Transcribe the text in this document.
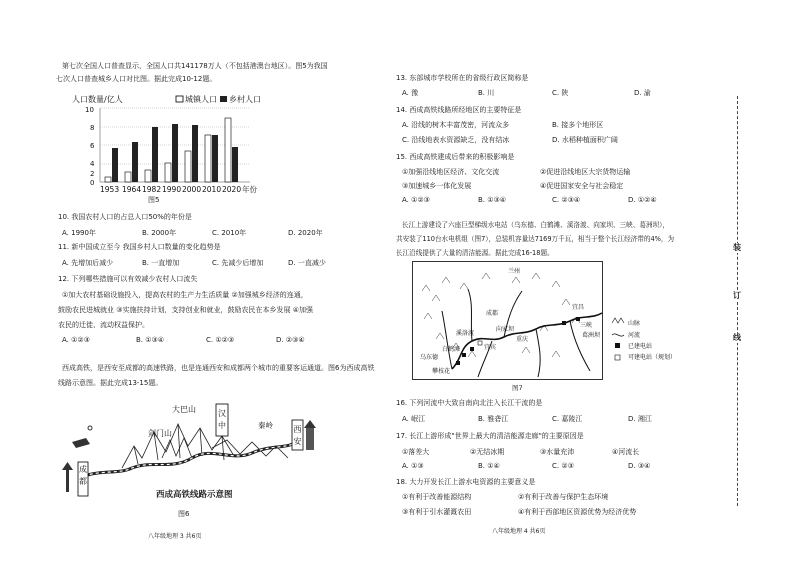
第七次全国人口普查显示，全国人口共141178万人（不包括港澳台地区）。图5为我国
七次人口普查城乡人口对比图。据此完成10-12题。
人口数量/亿人	城镇人口 乡村人口
0
2
4
6
8
10
1953 1964 1982 1990 2000 2010 2020 年份
图5
10. 我国农村人口的占总人口50%的年份是
A. 1990年	B. 2000年	C. 2010年	D. 2020年
11. 新中国成立至今 我国乡村人口数量的变化趋势是
A. 先增加后减少	B. 一直增加	C. 先减少后增加	D. 一直减少
12. 下列哪些措施可以有效减少农村人口流失
①加大农村基础设施投入，提高农村的生产力生活质量 ②加强城乡经济的连通，
鼓励农民进城就业 ③实施扶持计划，支持创业和就业，鼓励农民在本乡发展 ④加强
农民的迁徙、流动权益保护。
A. ①②③	B. ①③④	C. ①②③	D. ②③④
西成高铁，是西安至成都的高速铁路，也是连通西安和成都两个城市的重要客运通道。图6为西成高铁
线路示意图。据此完成13-15题。
成
都
汉
中	西
安
大巴山
剑门山
秦岭
西成高铁线路示意图
图6
八年级地理 3 共6页
13. 东部城市学校所在的省级行政区简称是
A. 豫	B. 川	C. 陕	D. 渝
14. 西成高铁线路所经地区的主要特征是
A. 沿线的树木丰富茂密，河流众多	B. 接多个地形区
C. 沿线地表水资源缺乏，没有结冰	D. 水稻种植面积广阔
15. 西成高铁建成后带来的积极影响是
①加强沿线地区经济、文化交流	②促进沿线地区大宗货物运输
③加速城乡一体化发展	④促进国家安全与社会稳定
A. ①②③	B. ①③④	C. ②③④	D. ①②④
长江上游建设了六座巨型梯级水电站（乌东德、白鹤滩、溪洛渡、向家坝、三峡、葛洲坝），
共安装了110台水电机组（图7），总装机容量达7169万千瓦，相当于整个长江经济带的4%，为
长江沿线提供了大量的清洁能源。据此完成16-18题。
兰州
成都
宜宾
重庆
宜昌
三峡
葛洲坝
攀枝花
乌东德
白鹤滩
溪洛渡
向家坝
山脉
河流
已建电站
可建电站（规划）
图7
16. 下列河流中大致自南向北注入长江干流的是
A. 岷江	B. 雅砻江	C. 嘉陵江	D. 湘江
17. 长江上游形成"世界上最大的清洁能源走廊"的主要原因是
①落差大	②无结冰期	③水量充沛	④河流长
A. ①③	B. ①④	C. ②③	D. ③④
18. 大力开发长江上游水电资源的主要意义是
①有利于改善能源结构	②有利于改善与保护生态环境
③有利于引水灌溉农田	④有利于西部地区资源优势为经济优势
八年级地理 4 共6页
装
订
线
